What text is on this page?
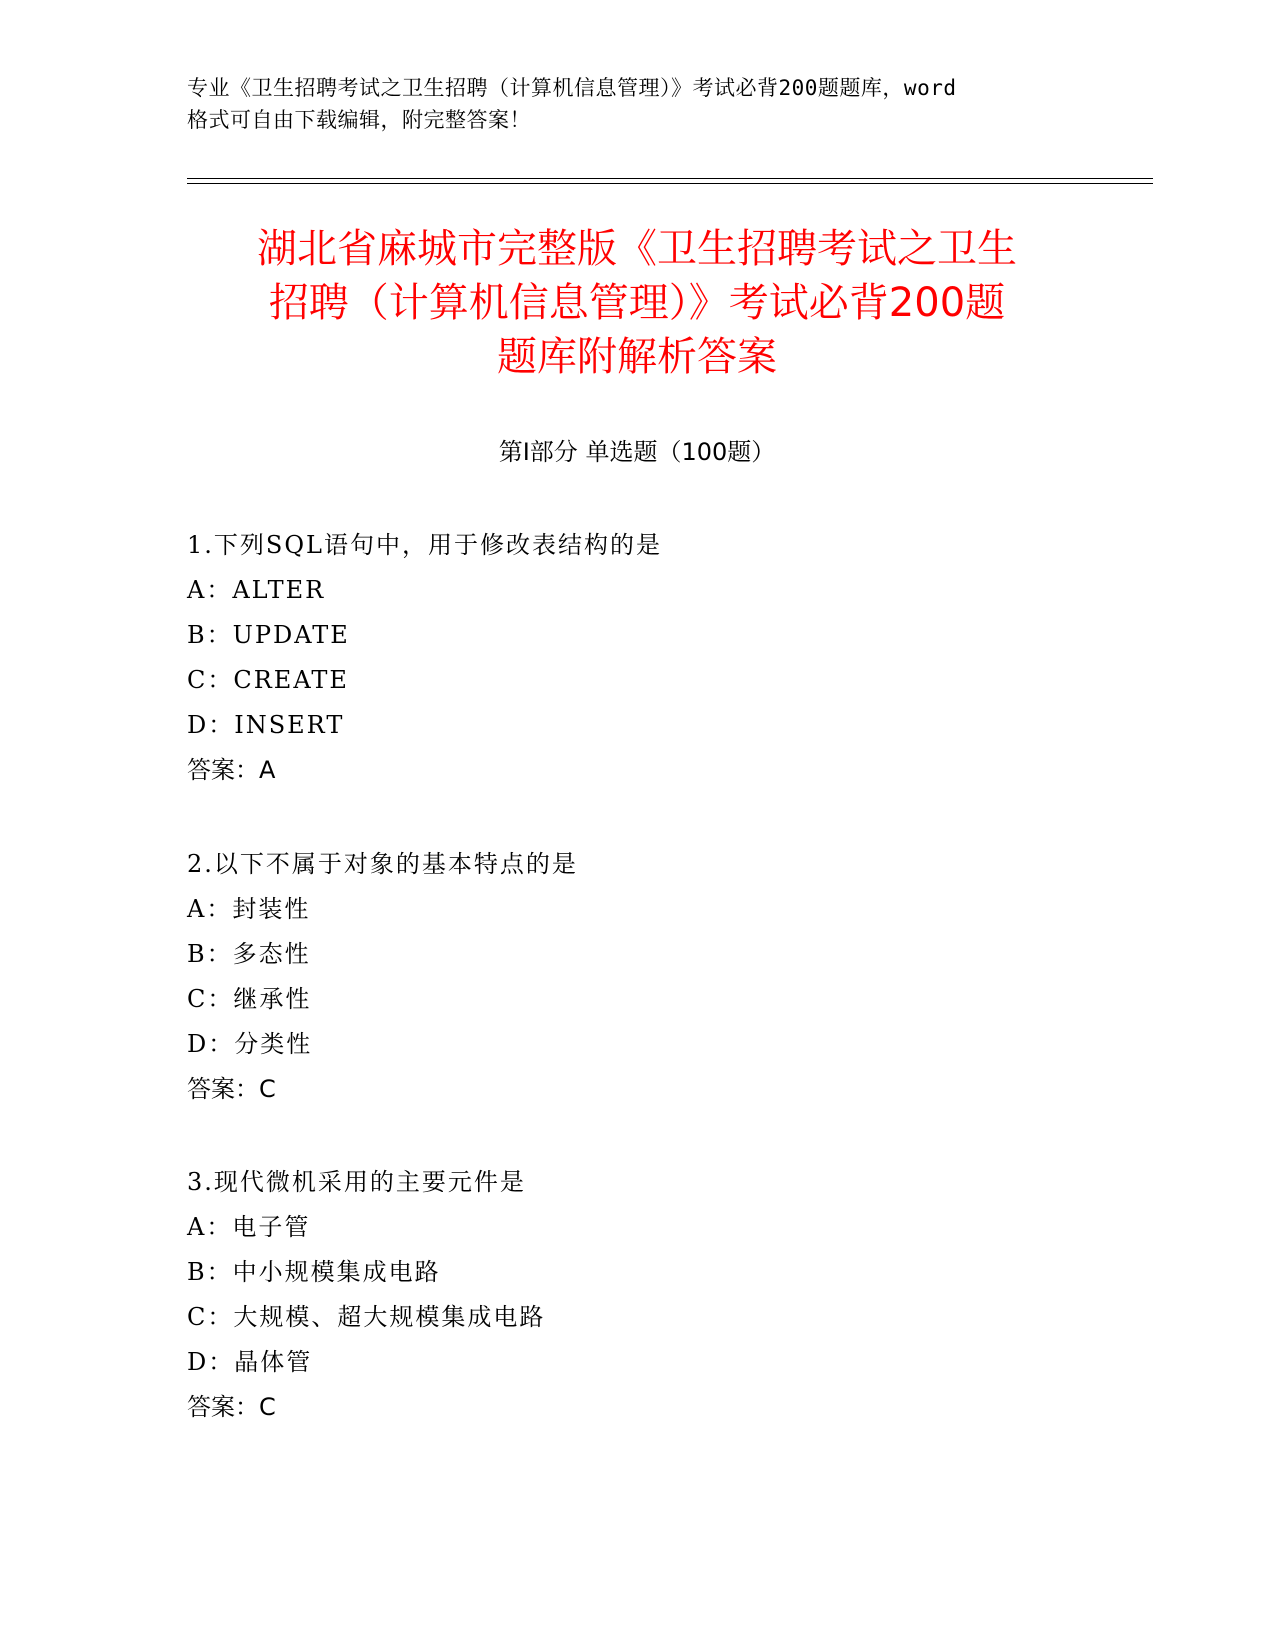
专业《卫生招聘考试之卫生招聘（计算机信息管理）》考试必背200题题库，word
格式可自由下载编辑，附完整答案！
湖北省麻城市完整版《卫生招聘考试之卫生
招聘（计算机信息管理）》考试必背200题
题库附解析答案
第I部分 单选题（100题）
1.下列SQL语句中，用于修改表结构的是
A：ALTER
B：UPDATE
C：CREATE
D：INSERT
答案：A
2.以下不属于对象的基本特点的是
A：封装性
B：多态性
C：继承性
D：分类性
答案：C
3.现代微机采用的主要元件是
A：电子管
B：中小规模集成电路
C：大规模、超大规模集成电路
D：晶体管
答案：C
